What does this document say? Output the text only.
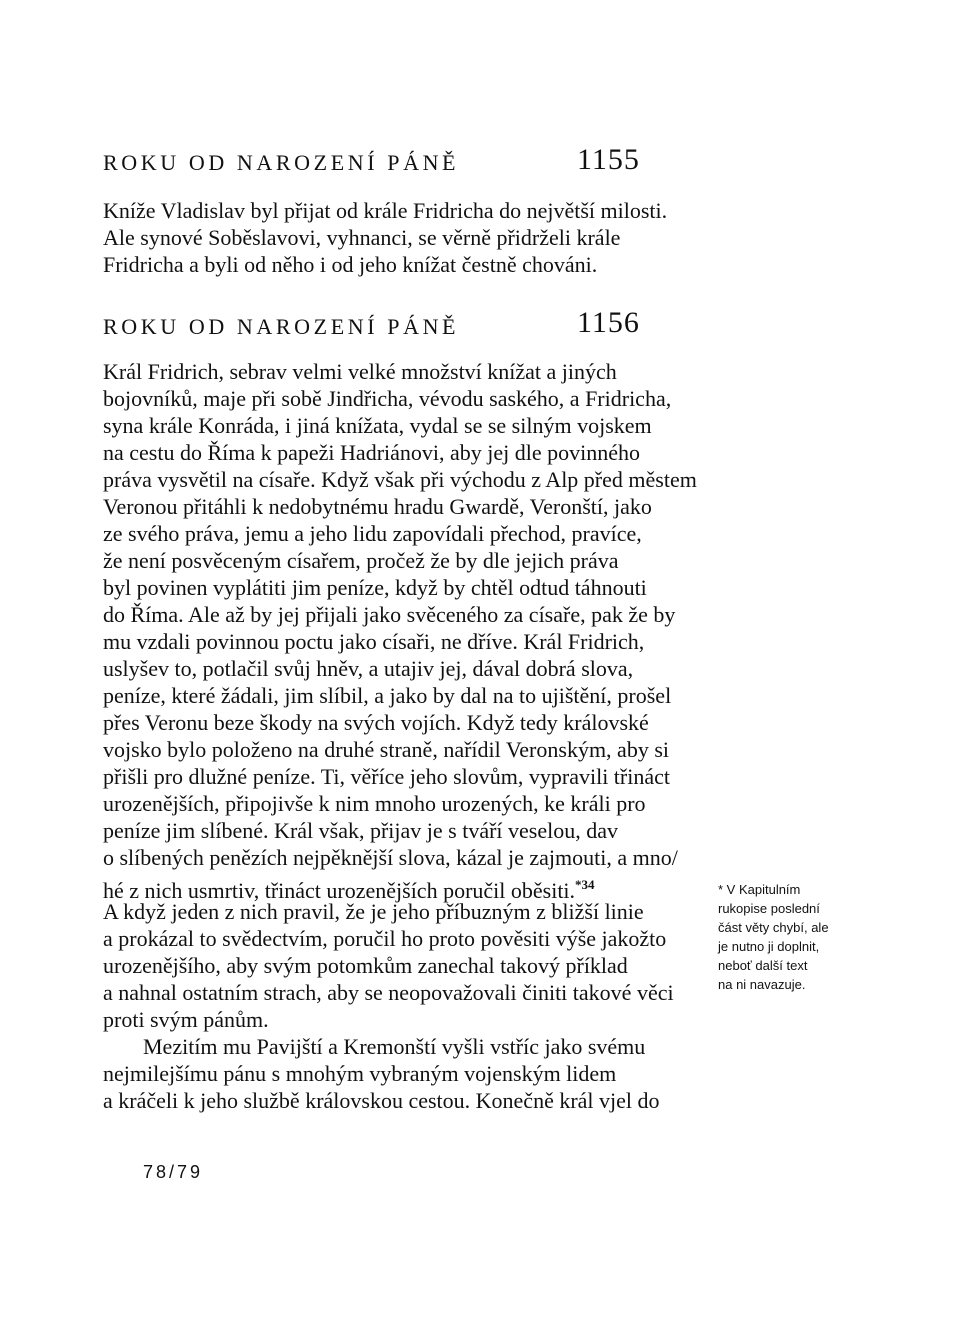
ROKU OD NAROZENÍ PÁNĚ	1155
Kníže Vladislav byl přijat od krále Fridricha do největší milosti.
Ale synové Soběslavovi, vyhnanci, se věrně přidrželi krále
Fridricha a byli od něho i od jeho knížat čestně chováni.
ROKU OD NAROZENÍ PÁNĚ	1156
Král Fridrich, sebrav velmi velké množství knížat a jiných
bojovníků, maje při sobě Jindřicha, vévodu saského, a Fridricha,
syna krále Konráda, i jiná knížata, vydal se se silným vojskem
na cestu do Říma k papeži Hadriánovi, aby jej dle povinného
práva vysvětil na císaře. Když však při východu z Alp před městem
Veronou přitáhli k nedobytnému hradu Gwardě, Veronští, jako
ze svého práva, jemu a jeho lidu zapovídali přechod, pravíce,
že není posvěceným císařem, pročež že by dle jejich práva
byl povinen vyplátiti jim peníze, když by chtěl odtud táhnouti
do Říma. Ale až by jej přijali jako svěceného za císaře, pak že by
mu vzdali povinnou poctu jako císaři, ne dříve. Král Fridrich,
uslyšev to, potlačil svůj hněv, a utajiv jej, dával dobrá slova,
peníze, které žádali, jim slíbil, a jako by dal na to ujištění, prošel
přes Veronu beze škody na svých vojích. Když tedy královské
vojsko bylo položeno na druhé straně, nařídil Veronským, aby si
přišli pro dlužné peníze. Ti, věříce jeho slovům, vypravili třináct
urozenějších, připojivše k nim mnoho urozených, ke králi pro
peníze jim slíbené. Král však, přijav je s tváří veselou, dav
o slíbených penězích nejpěknější slova, kázal je zajmouti, a mno/
hé z nich usmrtiv, třináct urozenějších poručil oběsiti.$^{*34}$
A když jeden z nich pravil, že je jeho příbuzným z bližší linie
a prokázal to svědectvím, poručil ho proto pověsiti výše jakožto
urozenějšího, aby svým potomkům zanechal takový příklad
a nahnal ostatním strach, aby se neopovažovali činiti takové věci
proti svým pánům.
Mezitím mu Pavijští a Kremonští vyšli vstříc jako svému
nejmilejšímu pánu s mnohým vybraným vojenským lidem
a kráčeli k jeho službě královskou cestou. Konečně král vjel do
* V Kapitulním
rukopise poslední
část věty chybí, ale
je nutno ji doplnit,
neboť další text
na ni navazuje.
78/79
